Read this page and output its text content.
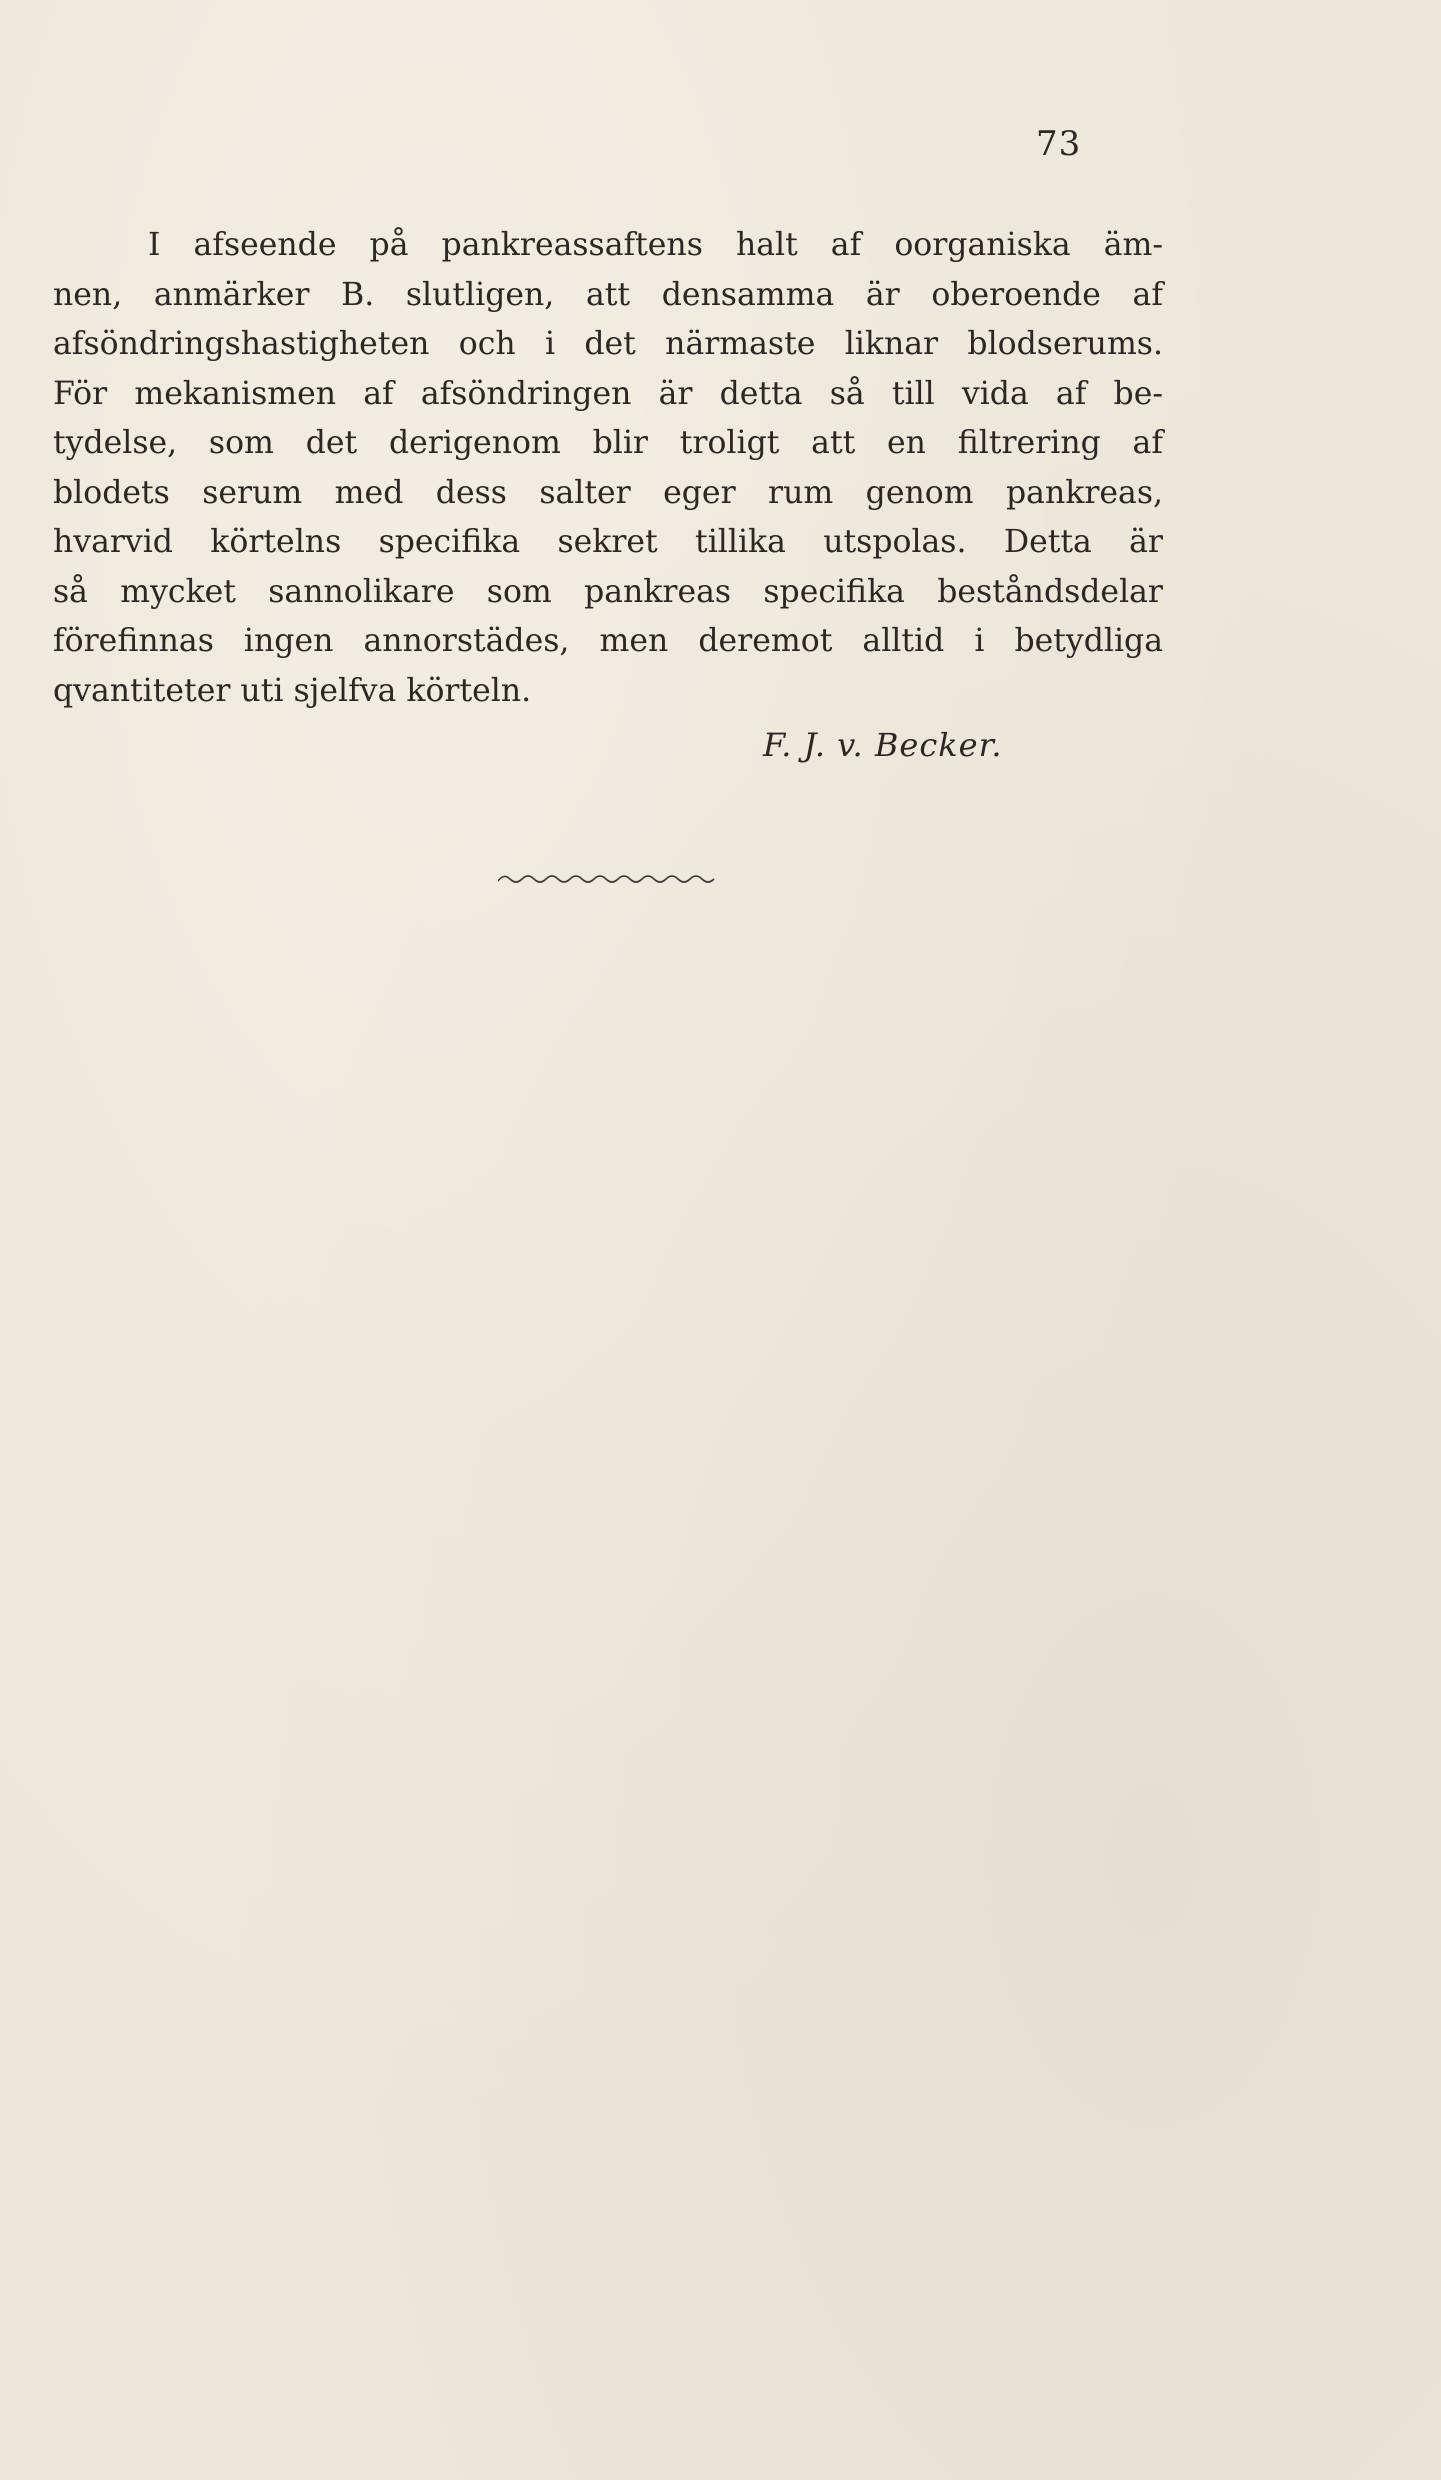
73
I afseende på pankreassaftens halt af oorganiska äm-
nen, anmärker B. slutligen, att densamma är oberoende af
afsöndringshastigheten och i det närmaste liknar blodserums.
För mekanismen af afsöndringen är detta så till vida af be-
tydelse, som det derigenom blir troligt att en filtrering af
blodets serum med dess salter eger rum genom pankreas,
hvarvid körtelns specifika sekret tillika utspolas. Detta är
så mycket sannolikare som pankreas specifika beståndsdelar
förefinnas ingen annorstädes, men deremot alltid i betydliga
qvantiteter uti sjelfva körteln.
F. J. v. Becker.
